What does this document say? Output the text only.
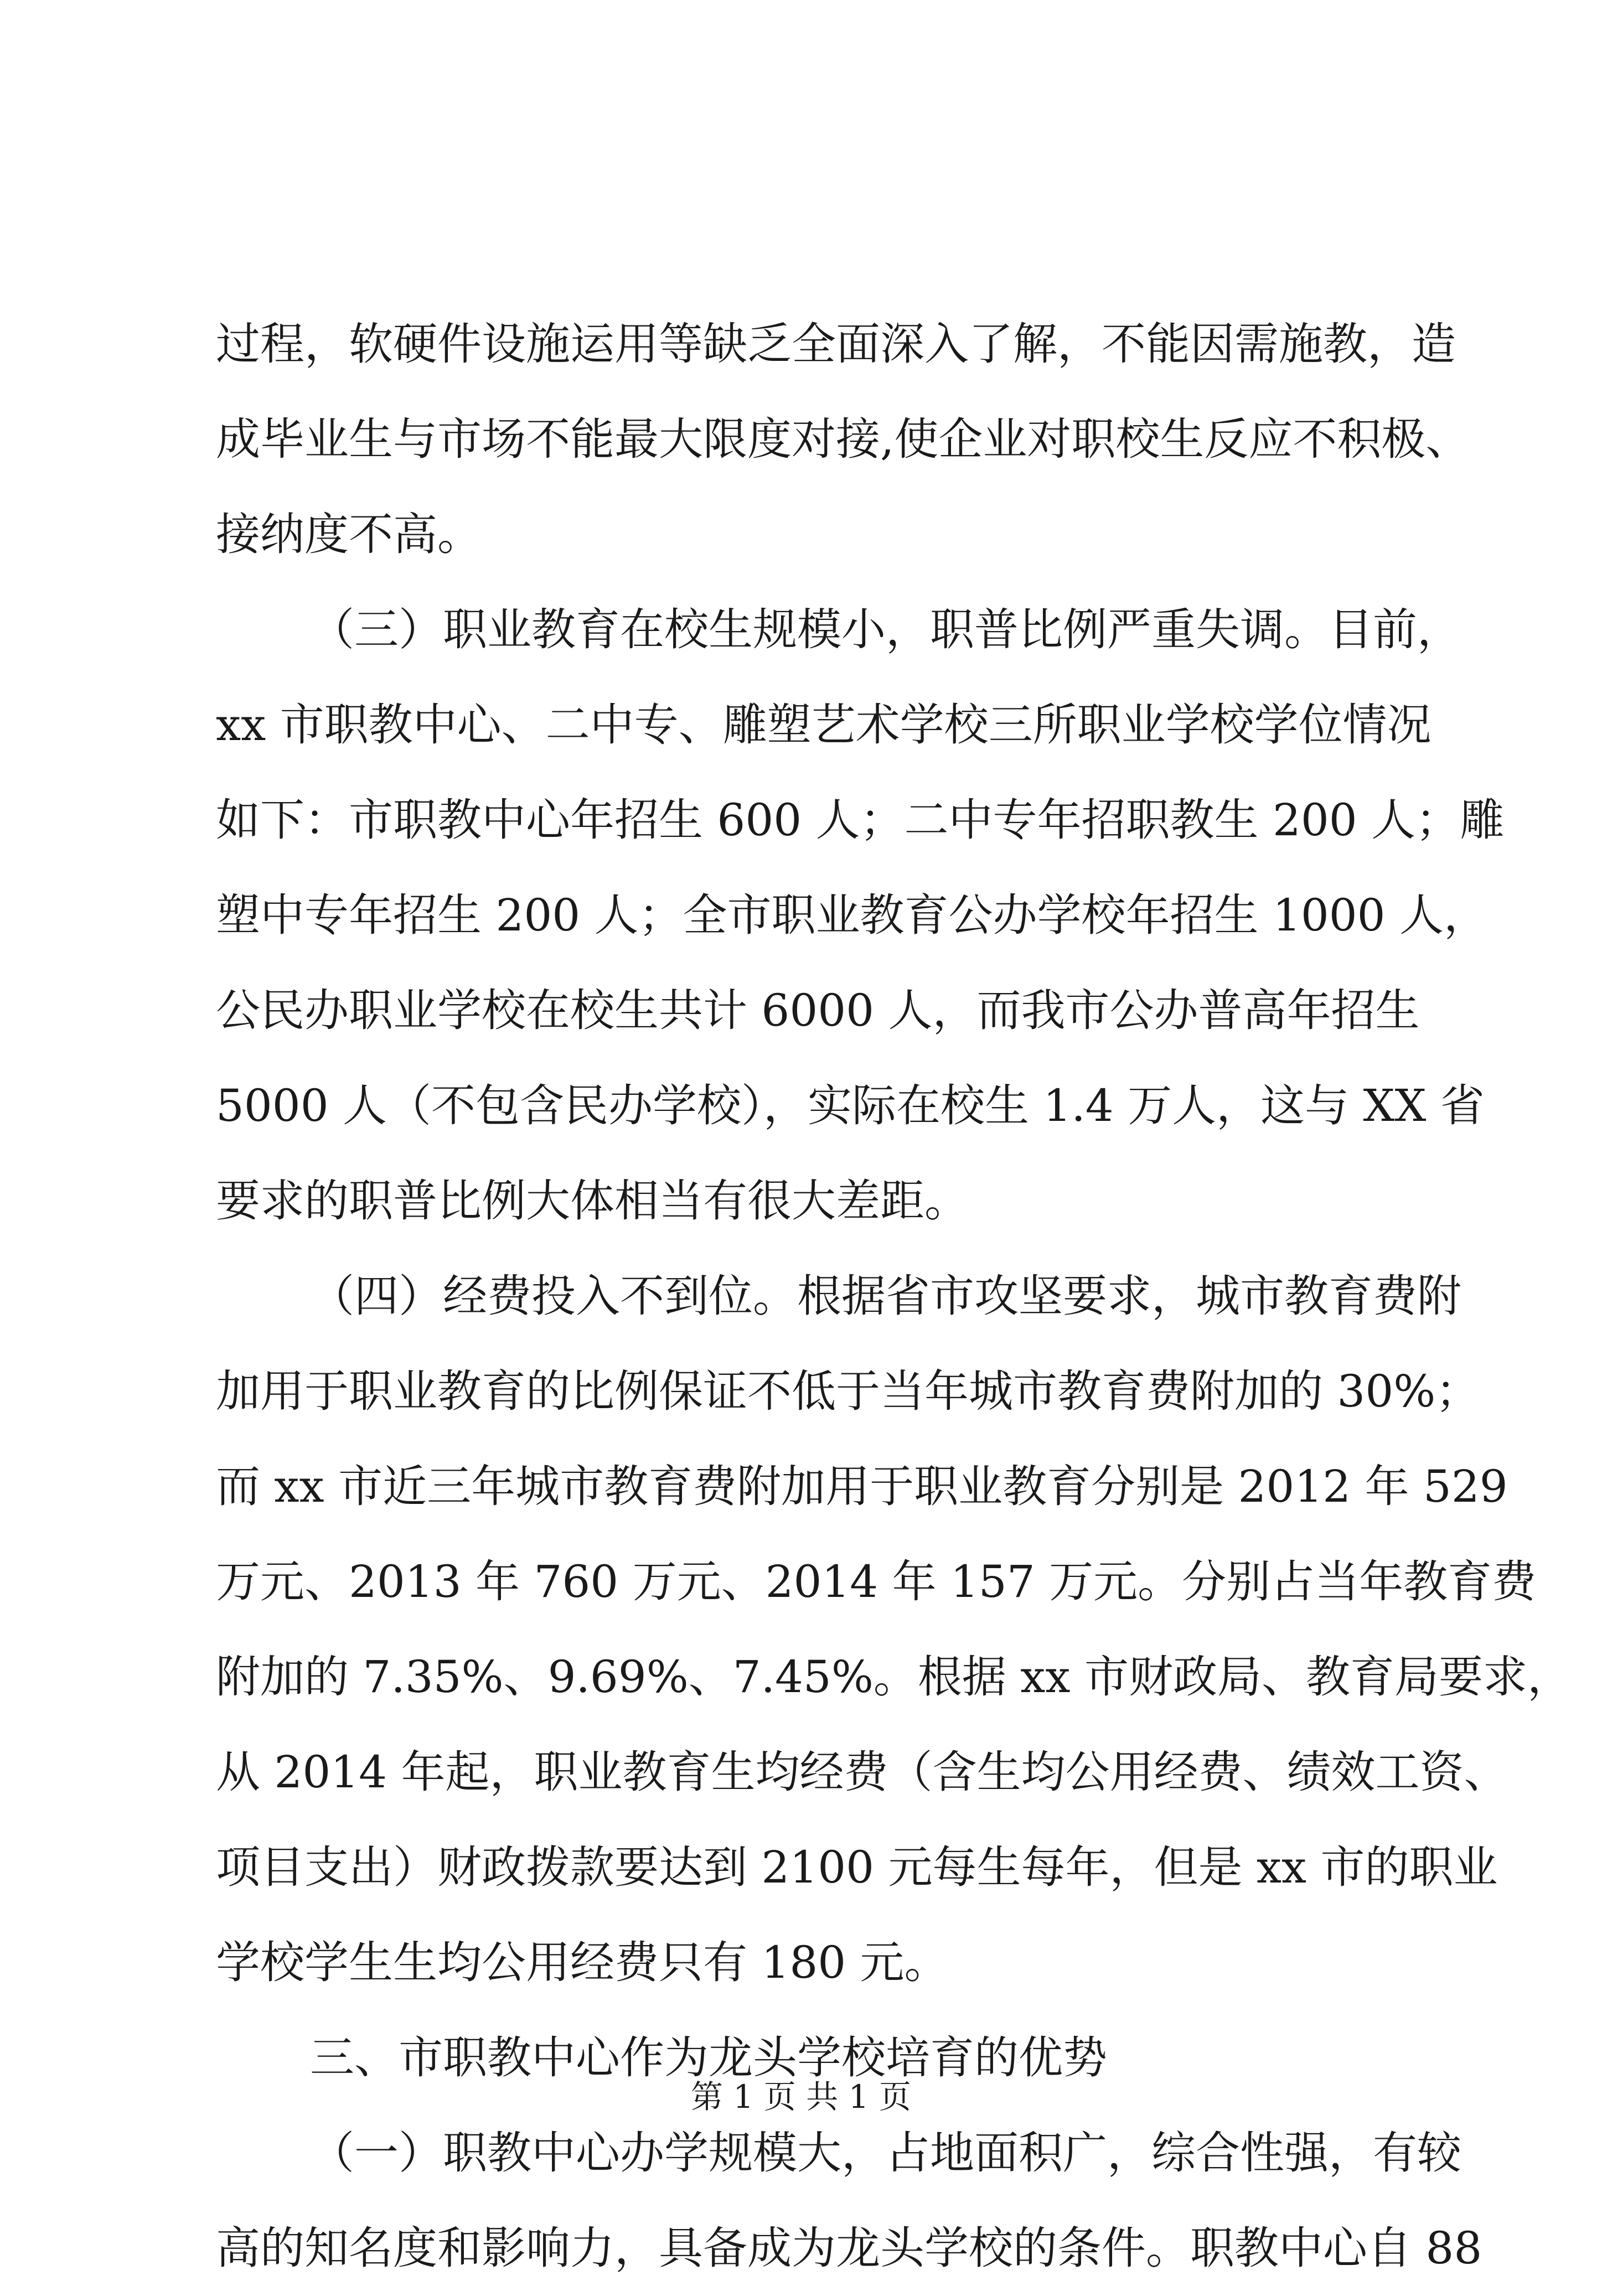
过程，软硬件设施运用等缺乏全面深入了解，不能因需施教，造
成毕业生与市场不能最大限度对接,使企业对职校生反应不积极、
接纳度不高。
（三）职业教育在校生规模小，职普比例严重失调。目前，
xx 市职教中心、二中专、雕塑艺术学校三所职业学校学位情况
如下：市职教中心年招生 600 人；二中专年招职教生 200 人；雕
塑中专年招生 200 人；全市职业教育公办学校年招生 1000 人，
公民办职业学校在校生共计 6000 人，而我市公办普高年招生
5000 人（不包含民办学校），实际在校生 1.4 万人，这与 XX 省
要求的职普比例大体相当有很大差距。
（四）经费投入不到位。根据省市攻坚要求，城市教育费附
加用于职业教育的比例保证不低于当年城市教育费附加的 30%；
而 xx 市近三年城市教育费附加用于职业教育分别是 2012 年 529
万元、2013 年 760 万元、2014 年 157 万元。分别占当年教育费
附加的 7.35%、9.69%、7.45%。根据 xx 市财政局、教育局要求，
从 2014 年起，职业教育生均经费（含生均公用经费、绩效工资、
项目支出）财政拨款要达到 2100 元每生每年，但是 xx 市的职业
学校学生生均公用经费只有 180 元。
三、市职教中心作为龙头学校培育的优势
（一）职教中心办学规模大，占地面积广，综合性强，有较
高的知名度和影响力，具备成为龙头学校的条件。职教中心自 88
第 1 页 共 1 页
